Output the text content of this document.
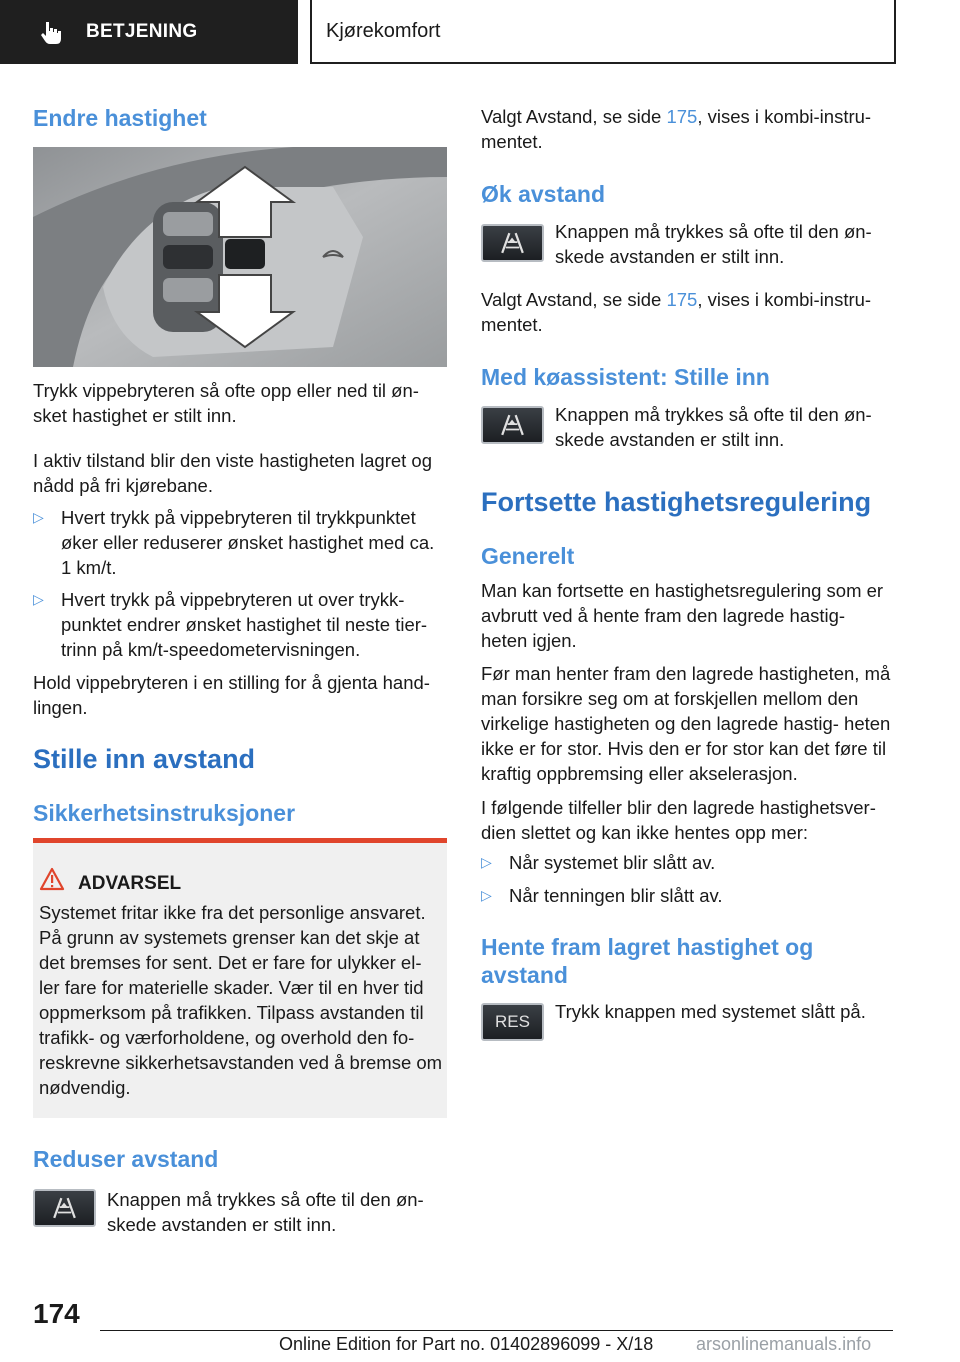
BETJENING	Kjørekomfort
Endre hastighet
Trykk vippebryteren så ofte opp eller ned til øn‐ sket hastighet er stilt inn.
I aktiv tilstand blir den viste hastigheten lagret og nådd på fri kjørebane.
▷ Hvert trykk på vippebryteren til trykkpunktet øker eller reduserer ønsket hastighet med ca. 1 km/t.
▷ Hvert trykk på vippebryteren ut over trykk‐ punktet endrer ønsket hastighet til neste tier‐ trinn på km/t-speedometervisningen.
Hold vippebryteren i en stilling for å gjenta hand‐ lingen.
Stille inn avstand
Sikkerhetsinstruksjoner
ADVARSEL
Systemet fritar ikke fra det personlige ansvaret. På grunn av systemets grenser kan det skje at det bremses for sent. Det er fare for ulykker el‐ ler fare for materielle skader. Vær til en hver tid oppmerksom på trafikken. Tilpass avstanden til trafikk- og værforholdene, og overhold den fo‐ reskrevne sikkerhetsavstanden ved å bremse om nødvendig.
Reduser avstand
Knappen må trykkes så ofte til den øn‐ skede avstanden er stilt inn.
Valgt Avstand, se side 175, vises i kombi-instru‐ mentet.
Øk avstand
Knappen må trykkes så ofte til den øn‐ skede avstanden er stilt inn.
Valgt Avstand, se side 175, vises i kombi-instru‐ mentet.
Med køassistent: Stille inn
Knappen må trykkes så ofte til den øn‐ skede avstanden er stilt inn.
Fortsette hastighetsregulering
Generelt
Man kan fortsette en hastighetsregulering som er avbrutt ved å hente fram den lagrede hastig‐ heten igjen.
Før man henter fram den lagrede hastigheten, må man forsikre seg om at forskjellen mellom den virkelige hastigheten og den lagrede hastig‐ heten ikke er for stor. Hvis den er for stor kan det føre til kraftig oppbremsing eller akselerasjon.
I følgende tilfeller blir den lagrede hastighetsver‐ dien slettet og kan ikke hentes opp mer:
▷ Når systemet blir slått av.
▷ Når tenningen blir slått av.
Hente fram lagret hastighet og avstand
RES Trykk knappen med systemet slått på.
174
Online Edition for Part no. 01402896099 - X/18 arsonlinemanuals.info
